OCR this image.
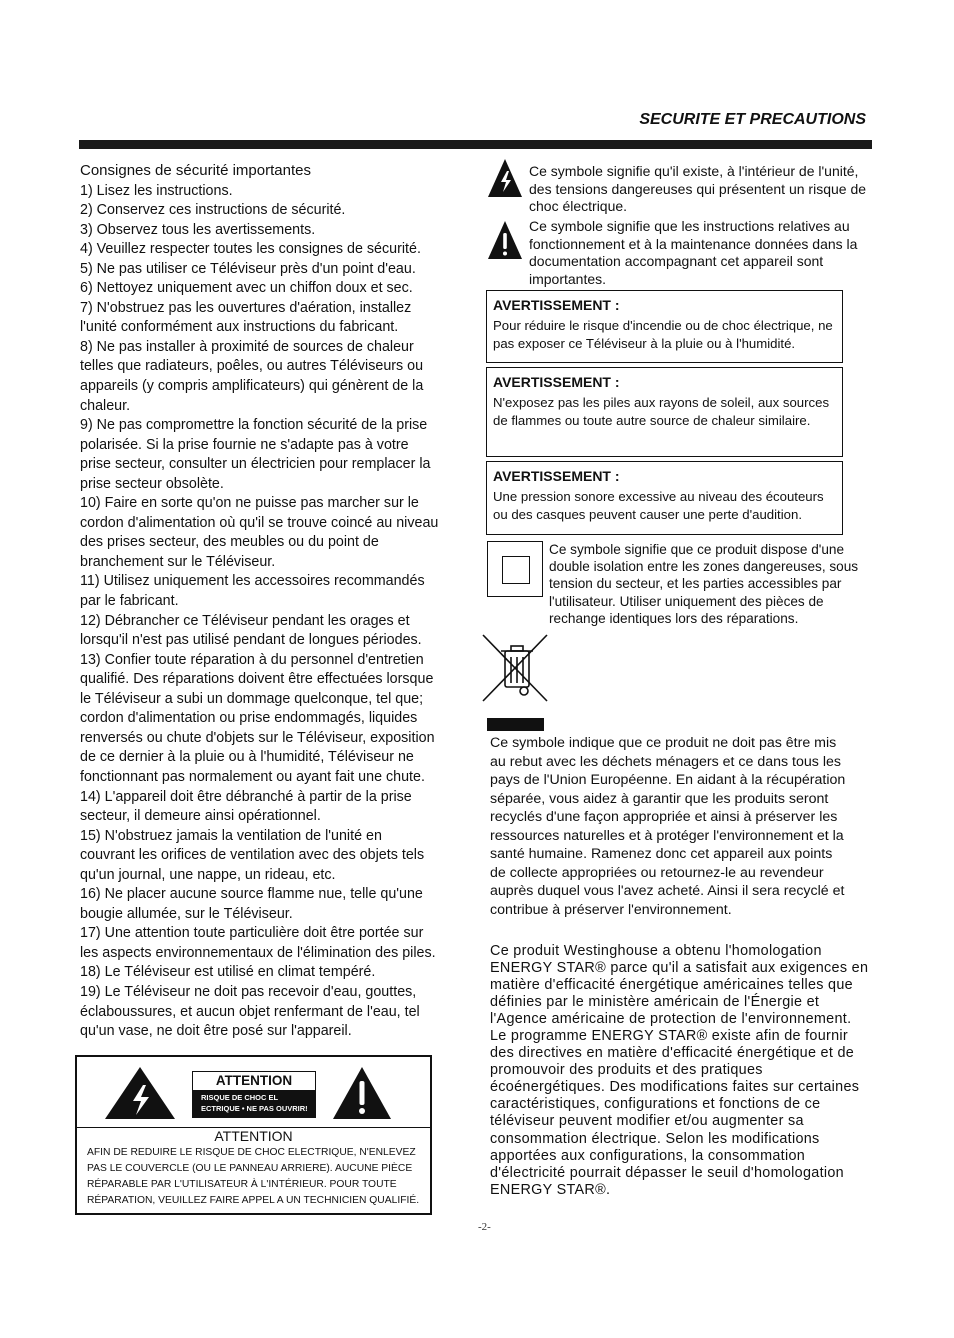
SECURITE ET PRECAUTIONS

Consignes de sécurité importantes

1) Lisez les instructions.

2) Conservez ces instructions de sécurité.

3) Observez tous les avertissements.

4) Veuillez respecter toutes les consignes de sécurité.

5) Ne pas utiliser ce Téléviseur près d'un point d'eau.

6) Nettoyez uniquement avec un chiffon doux et sec.

7) N'obstruez pas les ouvertures d'aération, installez

l'unité conformément aux instructions du fabricant.

8) Ne pas installer à proximité de sources de chaleur

telles que radiateurs, poêles, ou autres Téléviseurs ou

appareils (y compris amplificateurs) qui génèrent de la

chaleur.

9) Ne pas compromettre la fonction sécurité de la prise

polarisée. Si la prise fournie ne s'adapte pas à votre

prise secteur, consulter un électricien pour remplacer la

prise secteur obsolète.

10) Faire en sorte qu'on ne puisse pas marcher sur le

cordon d'alimentation où qu'il se trouve coincé au niveau

des prises secteur, des meubles ou du point de

branchement sur le Téléviseur.

11) Utilisez uniquement les accessoires recommandés

par le fabricant.

12) Débrancher ce Téléviseur pendant les orages et

lorsqu'il n'est pas utilisé pendant de longues périodes.

13) Confier toute réparation à du personnel d'entretien

qualifié. Des réparations doivent être effectuées lorsque

le Téléviseur a subi un dommage quelconque, tel que;

cordon d'alimentation ou prise endommagés, liquides

renversés ou chute d'objets sur le Téléviseur, exposition

de ce dernier à la pluie ou à l'humidité, Téléviseur ne

fonctionnant pas normalement ou ayant fait une chute.

14) L'appareil doit être débranché à partir de la prise

secteur, il demeure ainsi opérationnel.

15) N'obstruez jamais la ventilation de l'unité en

couvrant les orifices de ventilation avec des objets tels

qu'un journal, une nappe, un rideau, etc.

16) Ne placer aucune source flamme nue, telle qu'une

bougie allumée, sur le Téléviseur.

17) Une attention toute particulière doit être portée sur

les aspects environnementaux de l'élimination des piles.

18) Le Téléviseur est utilisé en climat tempéré.

19) Le Téléviseur ne doit pas recevoir d'eau, gouttes,

éclaboussures, et aucun objet renfermant de l'eau, tel

qu'un vase, ne doit être posé sur l'appareil.

ATTENTION
RISQUE DE CHOC EL
ECTRIQUE • NE PAS OUVRIR!
ATTENTION
AFIN DE REDUIRE LE RISQUE DE CHOC ELECTRIQUE, N'ENLEVEZ
PAS LE COUVERCLE (OU LE PANNEAU ARRIERE). AUCUNE PIÈCE
RÉPARABLE PAR L'UTILISATEUR À L'INTÉRIEUR. POUR TOUTE
RÉPARATION, VEUILLEZ FAIRE APPEL A UN TECHNICIEN QUALIFIÉ.
Ce symbole signifie qu'il existe, à l'intérieur de l'unité, des tensions dangereuses qui présentent un risque de choc électrique.
Ce symbole signifie que les instructions relatives au fonctionnement et à la maintenance données dans la documentation accompagnant cet appareil sont importantes.
AVERTISSEMENT :
Pour réduire le risque d'incendie ou de choc électrique, ne pas exposer ce Téléviseur à la pluie ou à l'humidité.
AVERTISSEMENT :
N'exposez pas les piles aux rayons de soleil, aux sources de flammes ou toute autre source de chaleur similaire.
AVERTISSEMENT :
Une pression sonore excessive au niveau des écouteurs ou des casques peuvent causer une perte d'audition.
Ce symbole signifie que ce produit dispose d'une double isolation entre les zones dangereuses, sous tension du secteur, et les parties accessibles par l'utilisateur. Utiliser uniquement des pièces de rechange identiques lors des réparations.
Ce symbole indique que ce produit ne doit pas être mis au rebut avec les déchets ménagers et ce dans tous les pays de l'Union Européenne. En aidant à la récupération séparée, vous aidez à garantir que les produits seront recyclés d'une façon appropriée et ainsi à préserver les ressources naturelles et à protéger l'environnement et la santé humaine. Ramenez donc cet appareil aux points de collecte appropriées ou retournez-le au revendeur auprès duquel vous l'avez acheté. Ainsi il sera recyclé et contribue à préserver l'environnement.
Ce produit Westinghouse a obtenu l'homologation ENERGY STAR® parce qu'il a satisfait aux exigences en matière d'efficacité énergétique américaines telles que définies par le ministère américain de l'Énergie et l'Agence américaine de protection de l'environnement. Le programme ENERGY STAR® existe afin de fournir des directives en matière d'efficacité énergétique et de promouvoir des produits et des pratiques écoénergétiques. Des modifications faites sur certaines caractéristiques, configurations et fonctions de ce téléviseur peuvent modifier et/ou augmenter sa consommation électrique. Selon les modifications apportées aux configurations, la consommation d'électricité pourrait dépasser le seuil d'homologation ENERGY STAR®.
-2-
